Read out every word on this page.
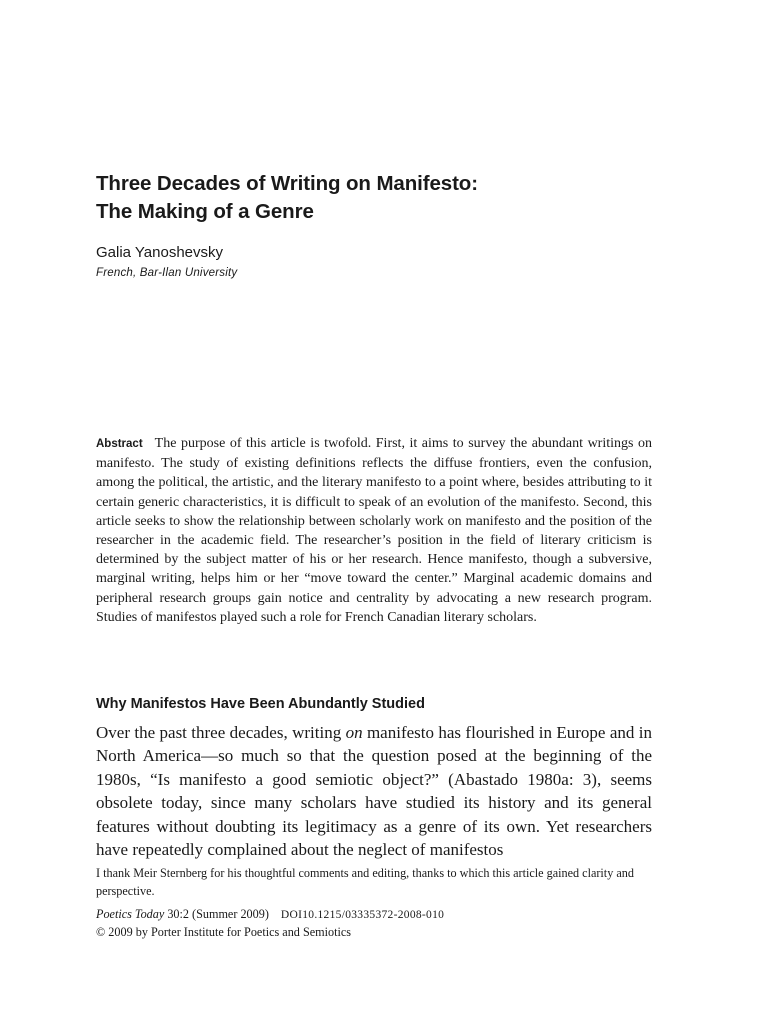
Three Decades of Writing on Manifesto:
The Making of a Genre
Galia Yanoshevsky
French, Bar-Ilan University
Abstract The purpose of this article is twofold. First, it aims to survey the abundant writings on manifesto. The study of existing definitions reflects the diffuse frontiers, even the confusion, among the political, the artistic, and the literary manifesto to a point where, besides attributing to it certain generic characteristics, it is difficult to speak of an evolution of the manifesto. Second, this article seeks to show the relationship between scholarly work on manifesto and the position of the researcher in the academic field. The researcher’s position in the field of literary criticism is determined by the subject matter of his or her research. Hence manifesto, though a subversive, marginal writing, helps him or her “move toward the center.” Marginal academic domains and peripheral research groups gain notice and centrality by advocating a new research program. Studies of manifestos played such a role for French Canadian literary scholars.
Why Manifestos Have Been Abundantly Studied
Over the past three decades, writing on manifesto has flourished in Europe and in North America—so much so that the question posed at the beginning of the 1980s, “Is manifesto a good semiotic object?” (Abastado 1980a: 3), seems obsolete today, since many scholars have studied its history and its general features without doubting its legitimacy as a genre of its own. Yet researchers have repeatedly complained about the neglect of manifestos
I thank Meir Sternberg for his thoughtful comments and editing, thanks to which this article gained clarity and perspective.
Poetics Today 30:2 (Summer 2009) DOI10.1215/03335372-2008-010
© 2009 by Porter Institute for Poetics and Semiotics
